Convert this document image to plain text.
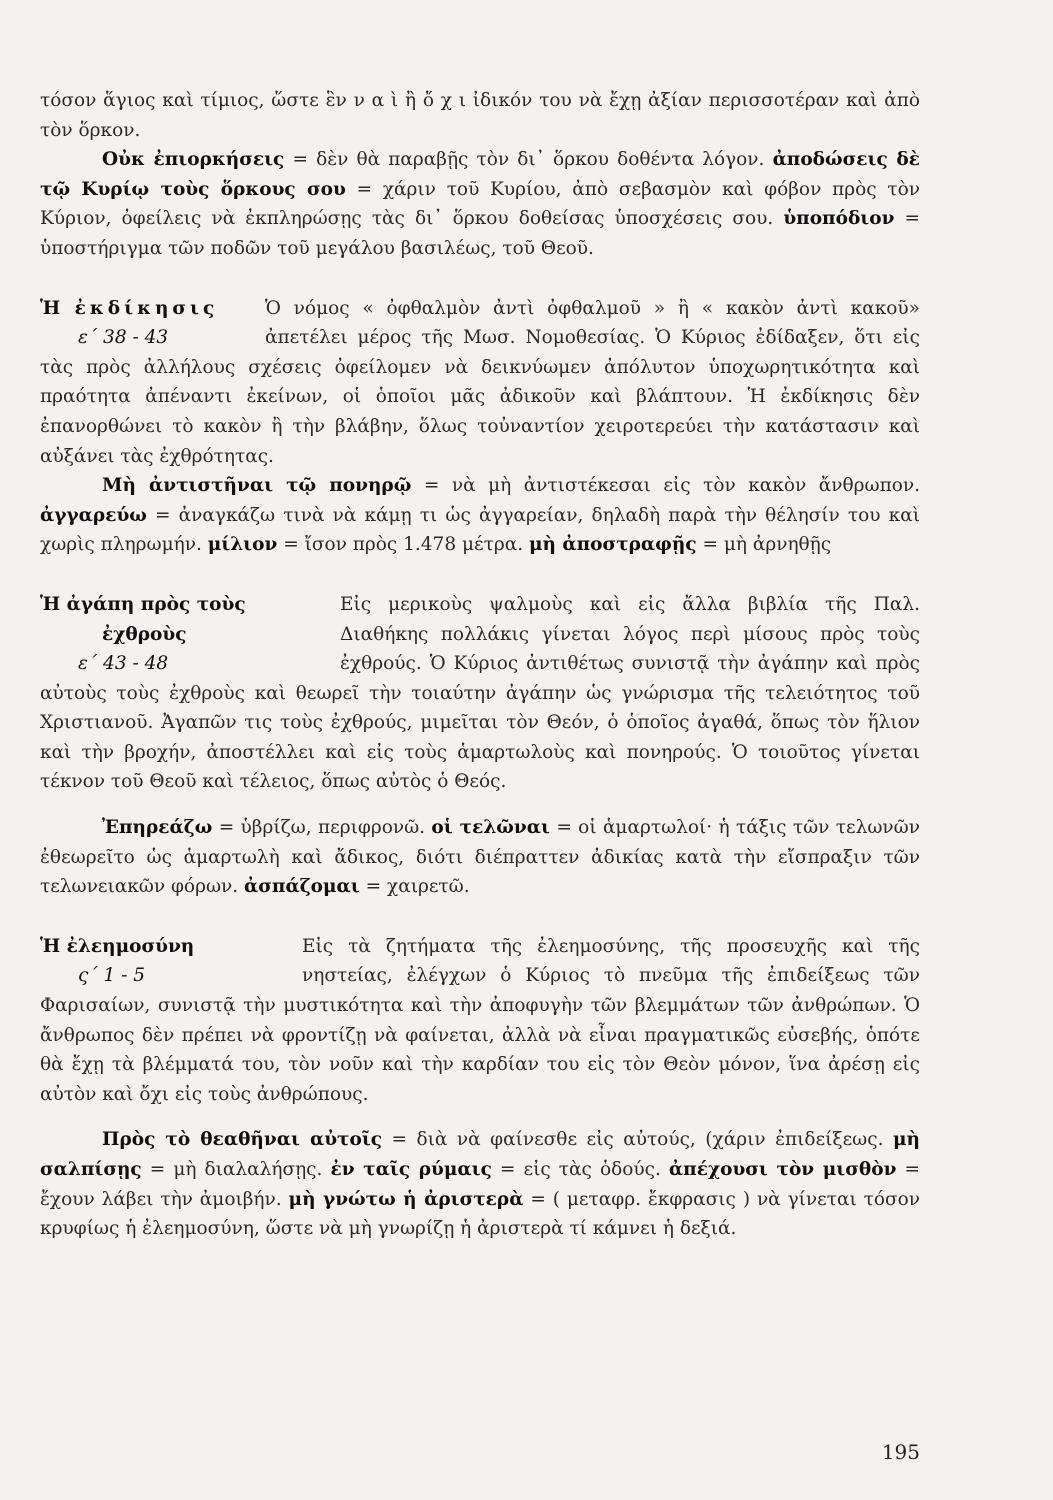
τόσον ἅγιος καὶ τίμιος, ὥστε ἓν ν α ὶ ἢ ὄ χ ι ἰδικόν του νὰ ἔχῃ ἀξίαν περισσοτέραν καὶ ἀπὸ τὸν ὅρκον.

Οὐκ ἐπιορκήσεις = δὲν θὰ παραβῇς τὸν δι᾽ ὅρκου δοθέντα λόγον. ἀποδώσεις δὲ τῷ Κυρίῳ τοὺς ὅρκους σου = χάριν τοῦ Κυρίου, ἀπὸ σεβασμὸν καὶ φόβον πρὸς τὸν Κύριον, ὀφείλεις νὰ ἐκπληρώσῃς τὰς δι᾽ ὅρκου δοθείσας ὑποσχέσεις σου. ὑποπόδιον = ὑποστήριγμα τῶν ποδῶν τοῦ μεγάλου βασιλέως, τοῦ Θεοῦ.

Ἡ ἐκδίκησις
ε΄ 38 - 43

Ὁ νόμος « ὀφθαλμὸν ἀντὶ ὀφθαλμοῦ » ἢ « κακὸν ἀντὶ κακοῦ» ἀπετέλει μέρος τῆς Μωσ. Νομοθεσίας. Ὁ Κύριος ἐδίδαξεν, ὅτι εἰς τὰς πρὸς ἀλλήλους σχέσεις ὀφείλομεν νὰ δεικνύωμεν ἀπόλυτον ὑποχωρητικότητα καὶ πραότητα ἀπέναντι ἐκείνων, οἱ ὁποῖοι μᾶς ἀδικοῦν καὶ βλάπτουν. Ἡ ἐκδίκησις δὲν ἐπανορθώνει τὸ κακὸν ἢ τὴν βλάβην, ὅλως τοὐναντίον χειροτερεύει τὴν κατάστασιν καὶ αὐξάνει τὰς ἐχθρότητας.

Μὴ ἀντιστῆναι τῷ πονηρῷ = νὰ μὴ ἀντιστέκεσαι εἰς τὸν κακὸν ἄνθρωπον. ἀγγαρεύω = ἀναγκάζω τινὰ νὰ κάμῃ τι ὡς ἀγγαρείαν, δηλαδὴ παρὰ τὴν θέλησίν του καὶ χωρὶς πληρωμήν. μίλιον = ἴσον πρὸς 1.478 μέτρα. μὴ ἀποστραφῇς = μὴ ἀρνηθῇς

Ἡ ἀγάπη πρὸς τοὺς
ἐχθροὺς
ε΄ 43 - 48

Εἰς μερικοὺς ψαλμοὺς καὶ εἰς ἄλλα βιβλία τῆς Παλ. Διαθήκης πολλάκις γίνεται λόγος περὶ μίσους πρὸς τοὺς ἐχθρούς. Ὁ Κύριος ἀντιθέτως συνιστᾷ τὴν ἀγάπην καὶ πρὸς αὐτοὺς τοὺς ἐχθροὺς καὶ θεωρεῖ τὴν τοιαύτην ἀγάπην ὡς γνώρισμα τῆς τελειότητος τοῦ Χριστιανοῦ. Ἀγαπῶν τις τοὺς ἐχθρούς, μιμεῖται τὸν Θεόν, ὁ ὁποῖος ἀγαθά, ὅπως τὸν ἥλιον καὶ τὴν βροχήν, ἀποστέλλει καὶ εἰς τοὺς ἁμαρτωλοὺς καὶ πονηρούς. Ὁ τοιοῦτος γίνεται τέκνον τοῦ Θεοῦ καὶ τέλειος, ὅπως αὐτὸς ὁ Θεός.

Ἐπηρεάζω = ὑβρίζω, περιφρονῶ. οἱ τελῶναι = οἱ ἁμαρτωλοί· ἡ τάξις τῶν τελωνῶν ἐθεωρεῖτο ὡς ἁμαρτωλὴ καὶ ἄδικος, διότι διέπραττεν ἀδικίας κατὰ τὴν εἴσπραξιν τῶν τελωνειακῶν φόρων. ἀσπάζομαι = χαιρετῶ.

Ἡ ἐλεημοσύνη
ς΄ 1 - 5

Εἰς τὰ ζητήματα τῆς ἐλεημοσύνης, τῆς προσευχῆς καὶ τῆς νηστείας, ἐλέγχων ὁ Κύριος τὸ πνεῦμα τῆς ἐπιδείξεως τῶν Φαρισαίων, συνιστᾷ τὴν μυστικότητα καὶ τὴν ἀποφυγὴν τῶν βλεμμάτων τῶν ἀνθρώπων. Ὁ ἄνθρωπος δὲν πρέπει νὰ φροντίζῃ νὰ φαίνεται, ἀλλὰ νὰ εἶναι πραγματικῶς εὐσεβής, ὁπότε θὰ ἔχῃ τὰ βλέμματά του, τὸν νοῦν καὶ τὴν καρδίαν του εἰς τὸν Θεὸν μόνον, ἵνα ἀρέσῃ εἰς αὐτὸν καὶ ὄχι εἰς τοὺς ἀνθρώπους.

Πρὸς τὸ θεαθῆναι αὐτοῖς = διὰ νὰ φαίνεσθε εἰς αὐτούς, (χάριν ἐπιδείξεως. μὴ σαλπίσῃς = μὴ διαλαλήσῃς. ἐν ταῖς ρύμαις = εἰς τὰς ὁδούς. ἀπέχουσι τὸν μισθὸν = ἔχουν λάβει τὴν ἀμοιβήν. μὴ γνώτω ἡ ἀριστερὰ = ( μεταφρ. ἔκφρασις ) νὰ γίνεται τόσον κρυφίως ἡ ἐλεημοσύνη, ὥστε νὰ μὴ γνωρίζῃ ἡ ἀριστερὰ τί κάμνει ἡ δεξιά.

195
